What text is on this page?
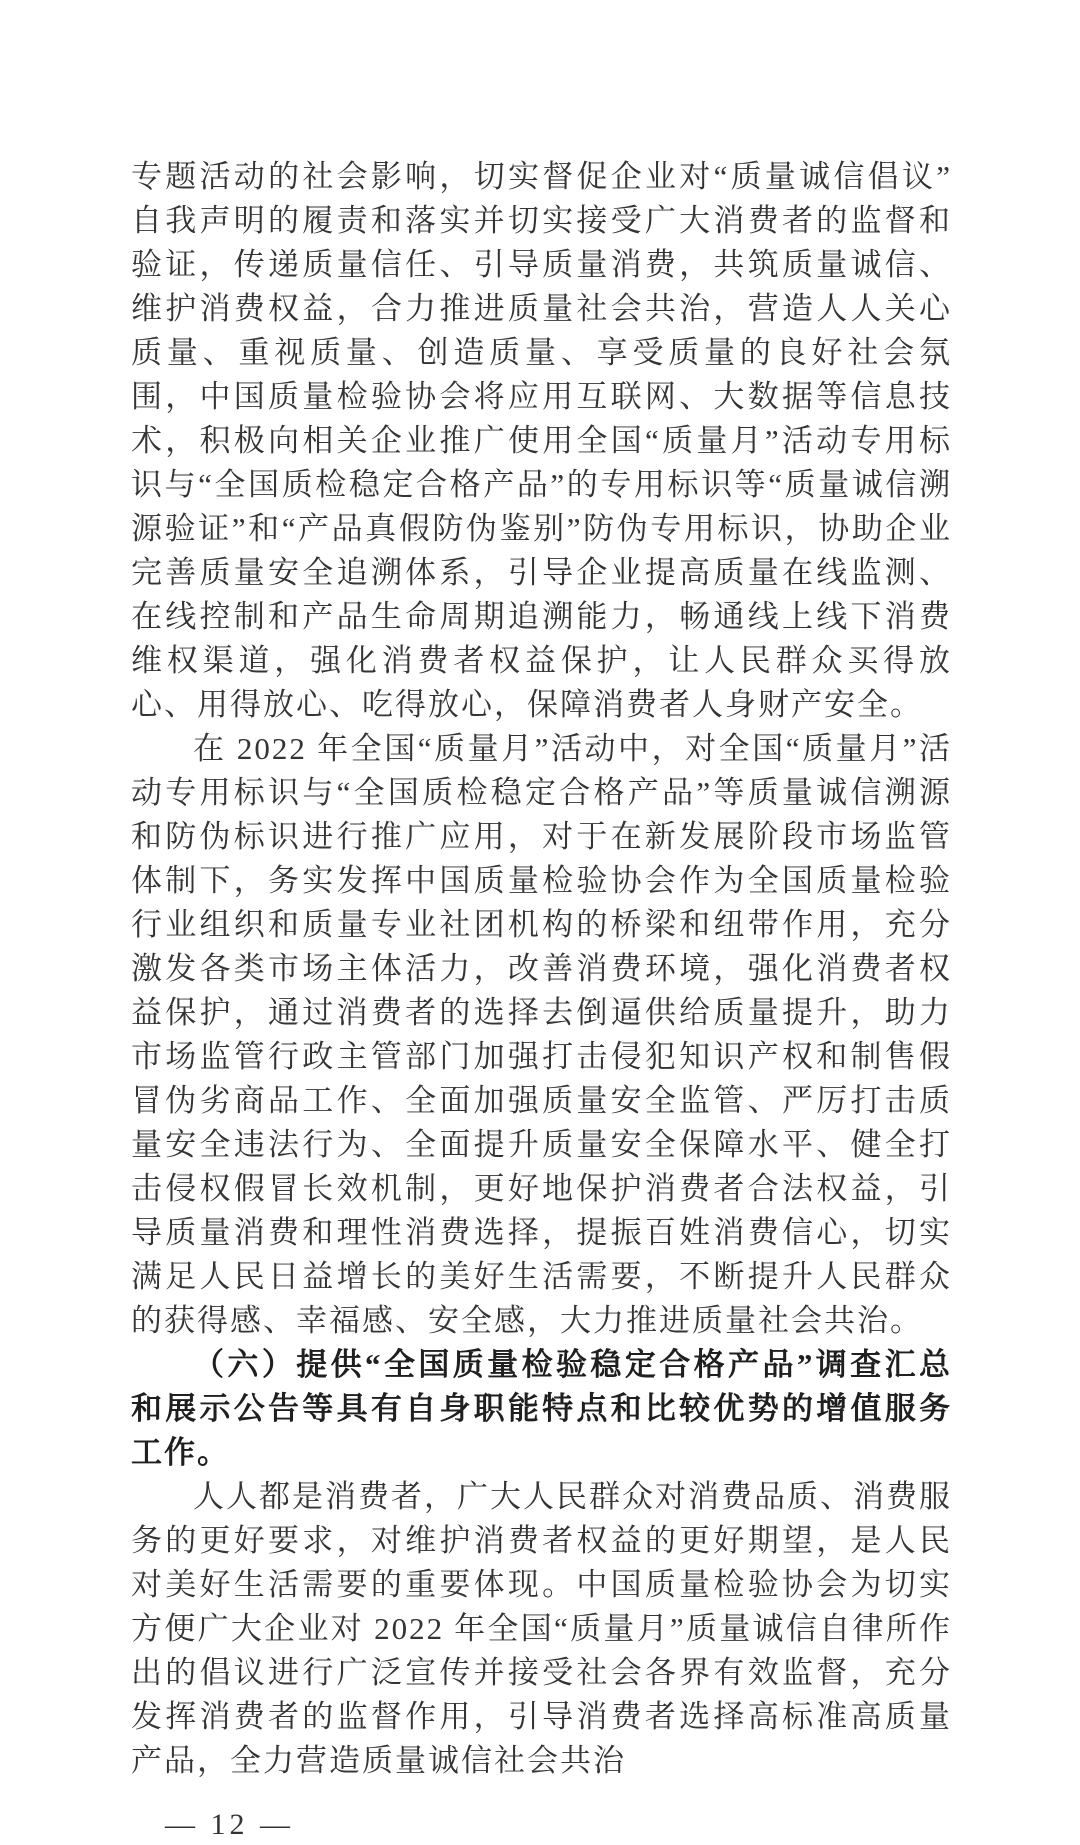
专题活动的社会影响，切实督促企业对“质量诚信倡议”自我声明的履责和落实并切实接受广大消费者的监督和验证，传递质量信任、引导质量消费，共筑质量诚信、维护消费权益，合力推进质量社会共治，营造人人关心质量、重视质量、创造质量、享受质量的良好社会氛围，中国质量检验协会将应用互联网、大数据等信息技术，积极向相关企业推广使用全国“质量月”活动专用标识与“全国质检稳定合格产品”的专用标识等“质量诚信溯源验证”和“产品真假防伪鉴别”防伪专用标识，协助企业完善质量安全追溯体系，引导企业提高质量在线监测、在线控制和产品生命周期追溯能力，畅通线上线下消费维权渠道，强化消费者权益保护，让人民群众买得放心、用得放心、吃得放心，保障消费者人身财产安全。

在 2022 年全国“质量月”活动中，对全国“质量月”活动专用标识与“全国质检稳定合格产品”等质量诚信溯源和防伪标识进行推广应用，对于在新发展阶段市场监管体制下，务实发挥中国质量检验协会作为全国质量检验行业组织和质量专业社团机构的桥梁和纽带作用，充分激发各类市场主体活力，改善消费环境，强化消费者权益保护，通过消费者的选择去倒逼供给质量提升，助力市场监管行政主管部门加强打击侵犯知识产权和制售假冒伪劣商品工作、全面加强质量安全监管、严厉打击质量安全违法行为、全面提升质量安全保障水平、健全打击侵权假冒长效机制，更好地保护消费者合法权益，引导质量消费和理性消费选择，提振百姓消费信心，切实满足人民日益增长的美好生活需要，不断提升人民群众的获得感、幸福感、安全感，大力推进质量社会共治。

（六）提供“全国质量检验稳定合格产品”调查汇总和展示公告等具有自身职能特点和比较优势的增值服务工作。

人人都是消费者，广大人民群众对消费品质、消费服务的更好要求，对维护消费者权益的更好期望，是人民对美好生活需要的重要体现。中国质量检验协会为切实方便广大企业对 2022 年全国“质量月”质量诚信自律所作出的倡议进行广泛宣传并接受社会各界有效监督，充分发挥消费者的监督作用，引导消费者选择高标准高质量产品，全力营造质量诚信社会共治

— 12 —
